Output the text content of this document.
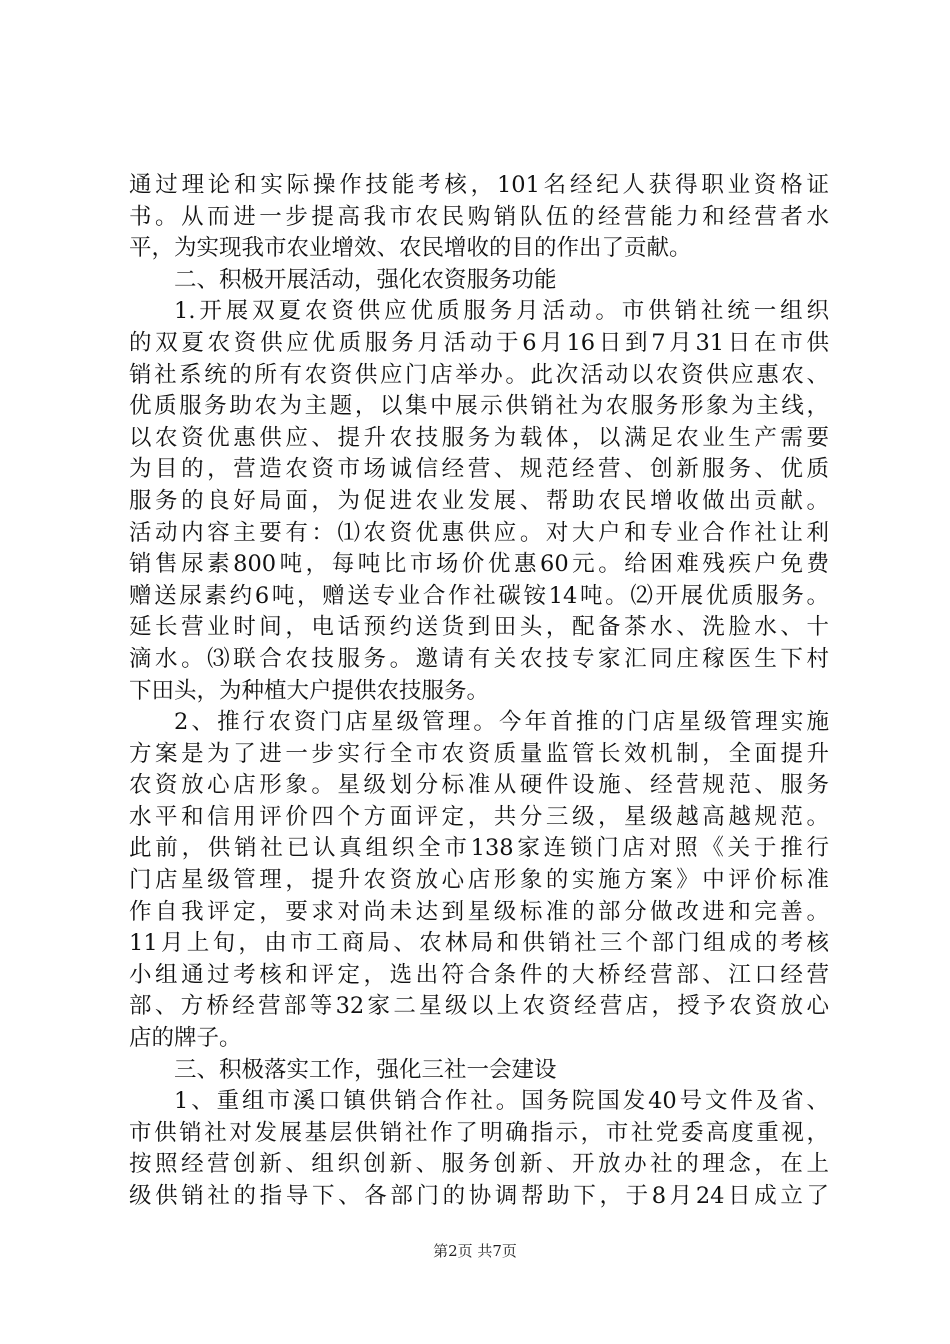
通过理论和实际操作技能考核，101名经纪人获得职业资格证
书。从而进一步提高我市农民购销队伍的经营能力和经营者水
平，为实现我市农业增效、农民增收的目的作出了贡献。
二、积极开展活动，强化农资服务功能
1.开展双夏农资供应优质服务月活动。市供销社统一组织
的双夏农资供应优质服务月活动于6月16日到7月31日在市供
销社系统的所有农资供应门店举办。此次活动以农资供应惠农、
优质服务助农为主题，以集中展示供销社为农服务形象为主线，
以农资优惠供应、提升农技服务为载体，以满足农业生产需要
为目的，营造农资市场诚信经营、规范经营、创新服务、优质
服务的良好局面，为促进农业发展、帮助农民增收做出贡献。
活动内容主要有：⑴农资优惠供应。对大户和专业合作社让利
销售尿素800吨，每吨比市场价优惠60元。给困难残疾户免费
赠送尿素约6吨，赠送专业合作社碳铵14吨。⑵开展优质服务。
延长营业时间，电话预约送货到田头，配备茶水、洗脸水、十
滴水。⑶联合农技服务。邀请有关农技专家汇同庄稼医生下村
下田头，为种植大户提供农技服务。
2、推行农资门店星级管理。今年首推的门店星级管理实施
方案是为了进一步实行全市农资质量监管长效机制，全面提升
农资放心店形象。星级划分标准从硬件设施、经营规范、服务
水平和信用评价四个方面评定，共分三级，星级越高越规范。
此前，供销社已认真组织全市138家连锁门店对照《关于推行
门店星级管理，提升农资放心店形象的实施方案》中评价标准
作自我评定，要求对尚未达到星级标准的部分做改进和完善。
11月上旬，由市工商局、农林局和供销社三个部门组成的考核
小组通过考核和评定，选出符合条件的大桥经营部、江口经营
部、方桥经营部等32家二星级以上农资经营店，授予农资放心
店的牌子。
三、积极落实工作，强化三社一会建设
1、重组市溪口镇供销合作社。国务院国发40号文件及省、
市供销社对发展基层供销社作了明确指示，市社党委高度重视，
按照经营创新、组织创新、服务创新、开放办社的理念，在上
级供销社的指导下、各部门的协调帮助下，于8月24日成立了
第2页 共7页
